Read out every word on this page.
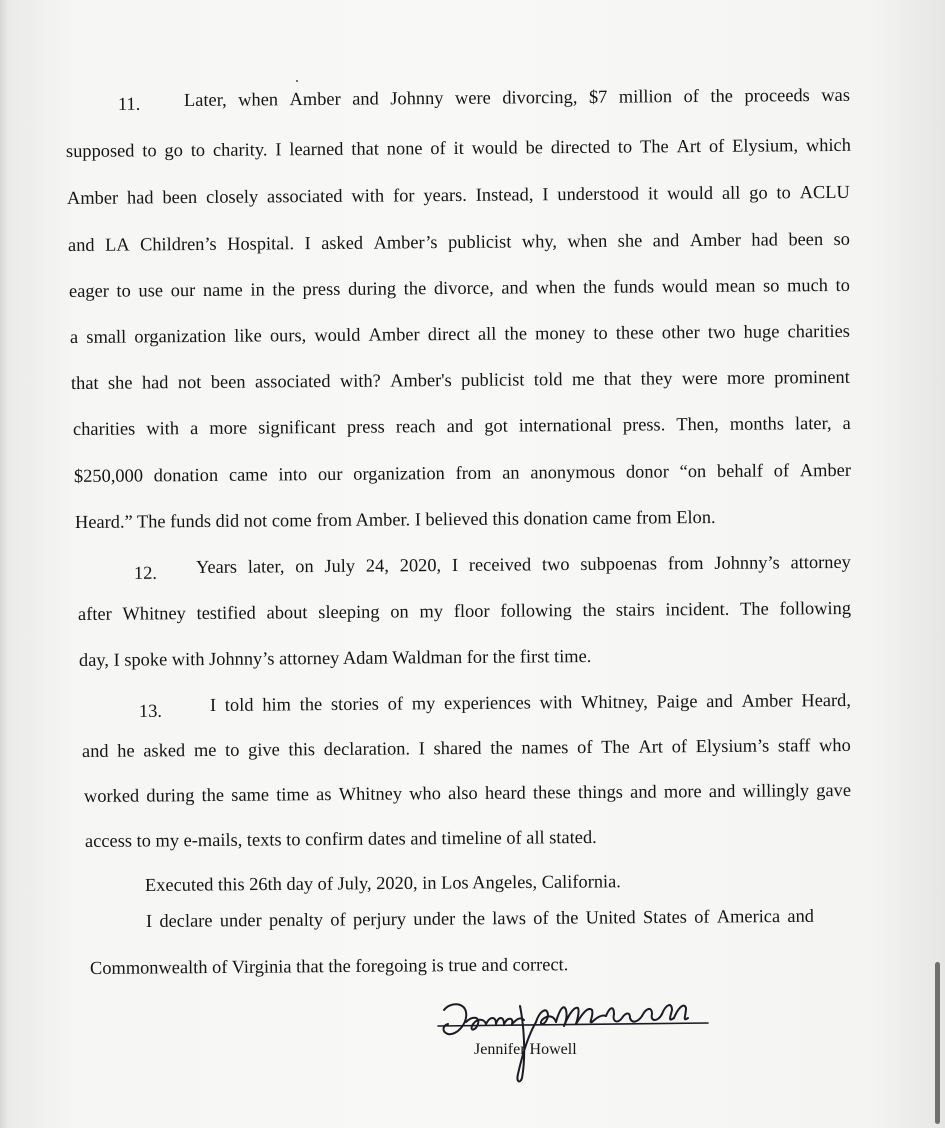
11. Later, when Amber and Johnny were divorcing, $7 million of the proceeds was
supposed to go to charity. I learned that none of it would be directed to The Art of Elysium, which
Amber had been closely associated with for years. Instead, I understood it would all go to ACLU
and LA Children’s Hospital. I asked Amber’s publicist why, when she and Amber had been so
eager to use our name in the press during the divorce, and when the funds would mean so much to
a small organization like ours, would Amber direct all the money to these other two huge charities
that she had not been associated with? Amber's publicist told me that they were more prominent
charities with a more significant press reach and got international press. Then, months later, a
$250,000 donation came into our organization from an anonymous donor “on behalf of Amber
Heard.” The funds did not come from Amber. I believed this donation came from Elon.
12. Years later, on July 24, 2020, I received two subpoenas from Johnny’s attorney
after Whitney testified about sleeping on my floor following the stairs incident. The following
day, I spoke with Johnny’s attorney Adam Waldman for the first time.
13.	I told him the stories of my experiences with Whitney, Paige and Amber Heard,
and he asked me to give this declaration. I shared the names of The Art of Elysium’s staff who
worked during the same time as Whitney who also heard these things and more and willingly gave
access to my e-mails, texts to confirm dates and timeline of all stated.
Executed this 26th day of July, 2020, in Los Angeles, California.
I declare under penalty of perjury under the laws of the United States of America and
Commonwealth of Virginia that the foregoing is true and correct.
Jennifer Howell
